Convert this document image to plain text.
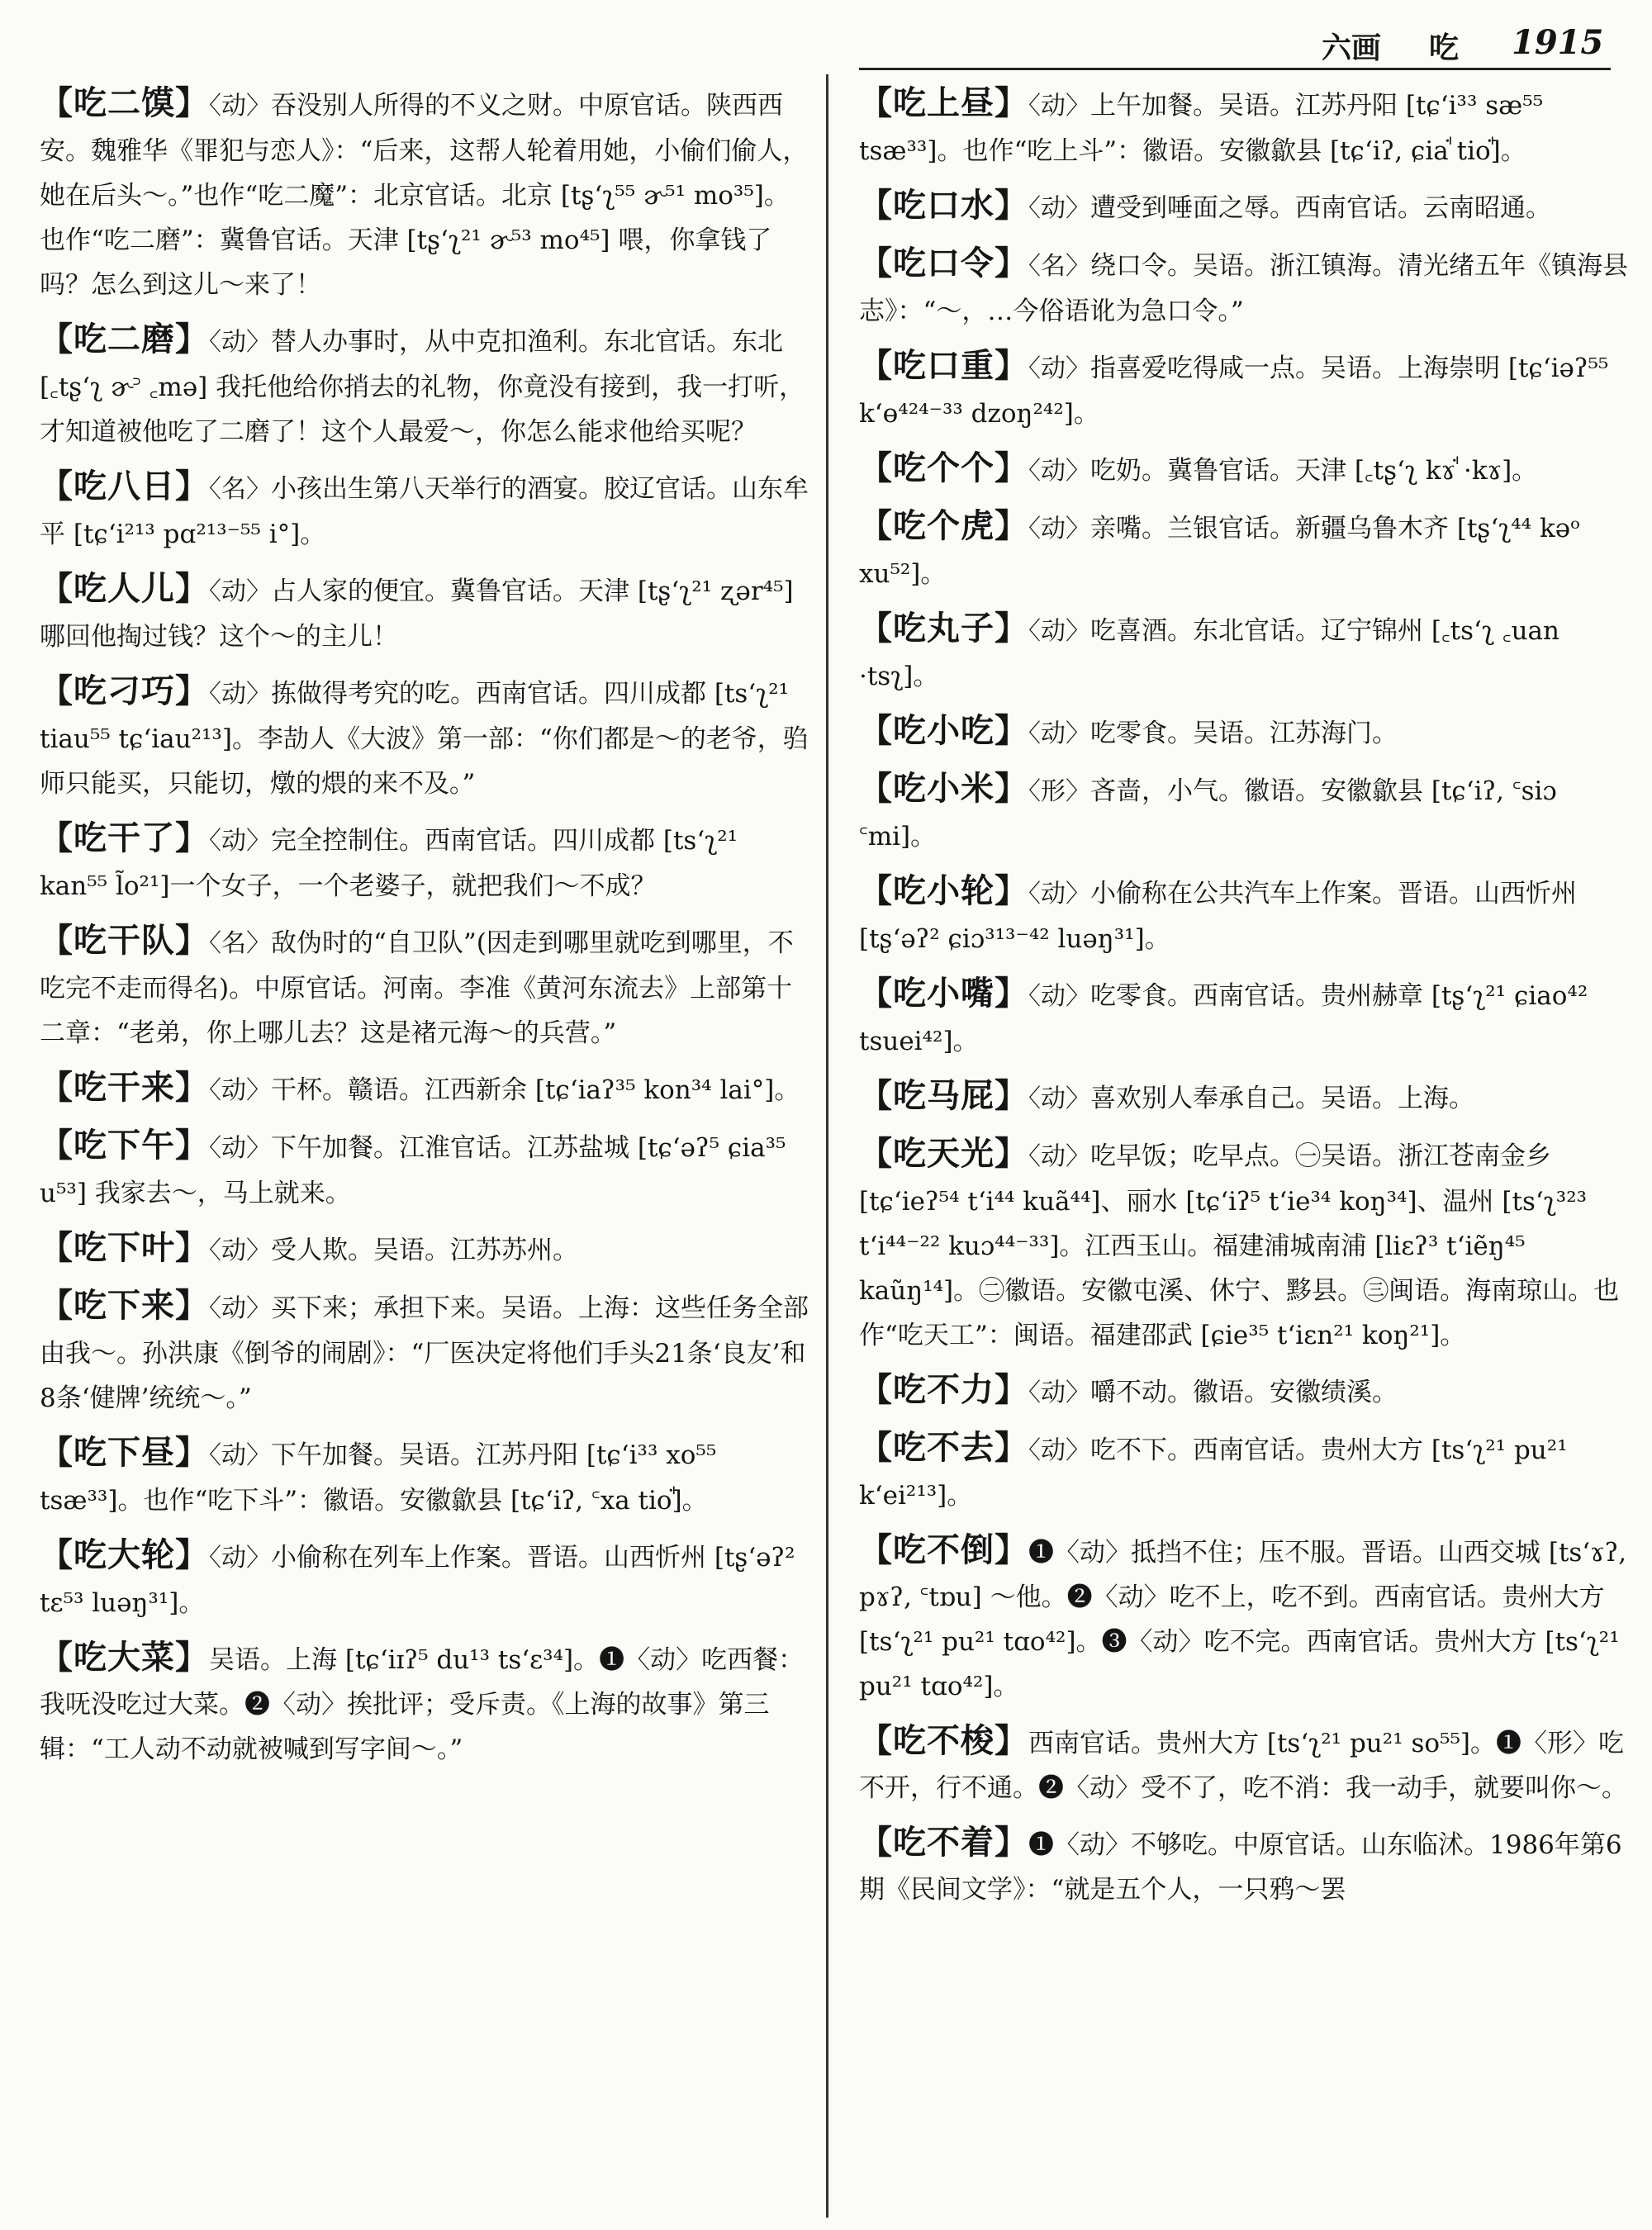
六画 吃 1915
【吃二馍】〈动〉吞没别人所得的不义之财。中原官话。陕西西安。魏雅华《罪犯与恋人》：“后来，这帮人轮着用她，小偷们偷人，她在后头～。”也作“吃二魔”：北京官话。北京 [tʂʻʅ⁵⁵ ɚ⁵¹ mo³⁵]。也作“吃二磨”：冀鲁官话。天津 [tʂʻʅ²¹ ɚ⁵³ mo⁴⁵] 喂，你拿钱了吗？怎么到这儿～来了！
【吃二磨】〈动〉替人办事时，从中克扣渔利。东北官话。东北 [꜀tʂʻʅ ɚ꜄ ꜀mə] 我托他给你捎去的礼物，你竟没有接到，我一打听，才知道被他吃了二磨了！这个人最爱～，你怎么能求他给买呢？
【吃八日】〈名〉小孩出生第八天举行的酒宴。胶辽官话。山东牟平 [tɕʻi²¹³ pɑ²¹³⁻⁵⁵ i°]。
【吃人儿】〈动〉占人家的便宜。冀鲁官话。天津 [tʂʻʅ²¹ ʐər⁴⁵] 哪回他掏过钱？这个～的主儿！
【吃刁巧】〈动〉拣做得考究的吃。西南官话。四川成都 [tsʻʅ²¹ tiau⁵⁵ tɕʻiau²¹³]。李劼人《大波》第一部：“你们都是～的老爷，驺师只能买，只能切，燉的煨的来不及。”
【吃干了】〈动〉完全控制住。西南官话。四川成都 [tsʻʅ²¹ kan⁵⁵ l̃o²¹]一个女子，一个老婆子，就把我们～不成？
【吃干队】〈名〉敌伪时的“自卫队”(因走到哪里就吃到哪里，不吃完不走而得名)。中原官话。河南。李准《黄河东流去》上部第十二章：“老弟，你上哪儿去？这是褚元海～的兵营。”
【吃干来】〈动〉干杯。赣语。江西新余 [tɕʻiaʔ³⁵ kon³⁴ lai°]。
【吃下午】〈动〉下午加餐。江淮官话。江苏盐城 [tɕʻəʔ⁵ ɕia³⁵ u⁵³] 我家去～，马上就来。
【吃下叶】〈动〉受人欺。吴语。江苏苏州。
【吃下来】〈动〉买下来；承担下来。吴语。上海：这些任务全部由我～。孙洪康《倒爷的闹剧》：“厂医决定将他们手头21条‘良友’和8条‘健牌’统统～。”
【吃下昼】〈动〉下午加餐。吴语。江苏丹阳 [tɕʻi³³ xo⁵⁵ tsæ³³]。也作“吃下斗”：徽语。安徽歙县 [tɕʻiʔ, ꜂xa tioꜗ]。
【吃大轮】〈动〉小偷称在列车上作案。晋语。山西忻州 [tʂʻəʔ² tɛ⁵³ luəŋ³¹]。
【吃大菜】吴语。上海 [tɕʻiɪʔ⁵ du¹³ tsʻɛ³⁴]。❶〈动〉吃西餐：我呒没吃过大菜。❷〈动〉挨批评；受斥责。《上海的故事》第三辑：“工人动不动就被喊到写字间～。”
【吃上昼】〈动〉上午加餐。吴语。江苏丹阳 [tɕʻi³³ sæ⁵⁵ tsæ³³]。也作“吃上斗”：徽语。安徽歙县 [tɕʻiʔ, ɕiaꜗ tioꜗ]。
【吃口水】〈动〉遭受到唾面之辱。西南官话。云南昭通。
【吃口令】〈名〉绕口令。吴语。浙江镇海。清光绪五年《镇海县志》：“～，…今俗语讹为急口令。”
【吃口重】〈动〉指喜爱吃得咸一点。吴语。上海崇明 [tɕʻiəʔ⁵⁵ kʻɵ⁴²⁴⁻³³ dzoŋ²⁴²]。
【吃个个】〈动〉吃奶。冀鲁官话。天津 [꜀tʂʻʅ kɤꜗ ·kɤ]。
【吃个虎】〈动〉亲嘴。兰银官话。新疆乌鲁木齐 [tʂʻʅ⁴⁴ kəᵒ xu⁵²]。
【吃丸子】〈动〉吃喜酒。东北官话。辽宁锦州 [꜀tsʻʅ ꜀uan ·tsʅ]。
【吃小吃】〈动〉吃零食。吴语。江苏海门。
【吃小米】〈形〉吝啬，小气。徽语。安徽歙县 [tɕʻiʔ, ꜂siɔ ꜂mi]。
【吃小轮】〈动〉小偷称在公共汽车上作案。晋语。山西忻州 [tʂʻəʔ² ɕiɔ³¹³⁻⁴² luəŋ³¹]。
【吃小嘴】〈动〉吃零食。西南官话。贵州赫章 [tʂʻʅ²¹ ɕiao⁴² tsuei⁴²]。
【吃马屁】〈动〉喜欢别人奉承自己。吴语。上海。
【吃天光】〈动〉吃早饭；吃早点。㊀吴语。浙江苍南金乡 [tɕʻieʔ⁵⁴ tʻi⁴⁴ kuã⁴⁴]、丽水 [tɕʻiʔ⁵ tʻie³⁴ koŋ³⁴]、温州 [tsʻʅ³²³ tʻi⁴⁴⁻²² kuɔ⁴⁴⁻³³]。江西玉山。福建浦城南浦 [liɛʔ³ tʻiẽŋ⁴⁵ kaũŋ¹⁴]。㊁徽语。安徽屯溪、休宁、黟县。㊂闽语。海南琼山。也作“吃天工”：闽语。福建邵武 [ɕie³⁵ tʻiɛn²¹ koŋ²¹]。
【吃不力】〈动〉嚼不动。徽语。安徽绩溪。
【吃不去】〈动〉吃不下。西南官话。贵州大方 [tsʻʅ²¹ pu²¹ kʻei²¹³]。
【吃不倒】❶〈动〉抵挡不住；压不服。晋语。山西交城 [tsʻɤʔ, pɤʔ, ꜂tɒu] ～他。❷〈动〉吃不上，吃不到。西南官话。贵州大方 [tsʻʅ²¹ pu²¹ tɑo⁴²]。❸〈动〉吃不完。西南官话。贵州大方 [tsʻʅ²¹ pu²¹ tɑo⁴²]。
【吃不梭】西南官话。贵州大方 [tsʻʅ²¹ pu²¹ so⁵⁵]。❶〈形〉吃不开，行不通。❷〈动〉受不了，吃不消：我一动手，就要叫你～。
【吃不着】❶〈动〉不够吃。中原官话。山东临沭。1986年第6期《民间文学》：“就是五个人，一只鸦～罢
